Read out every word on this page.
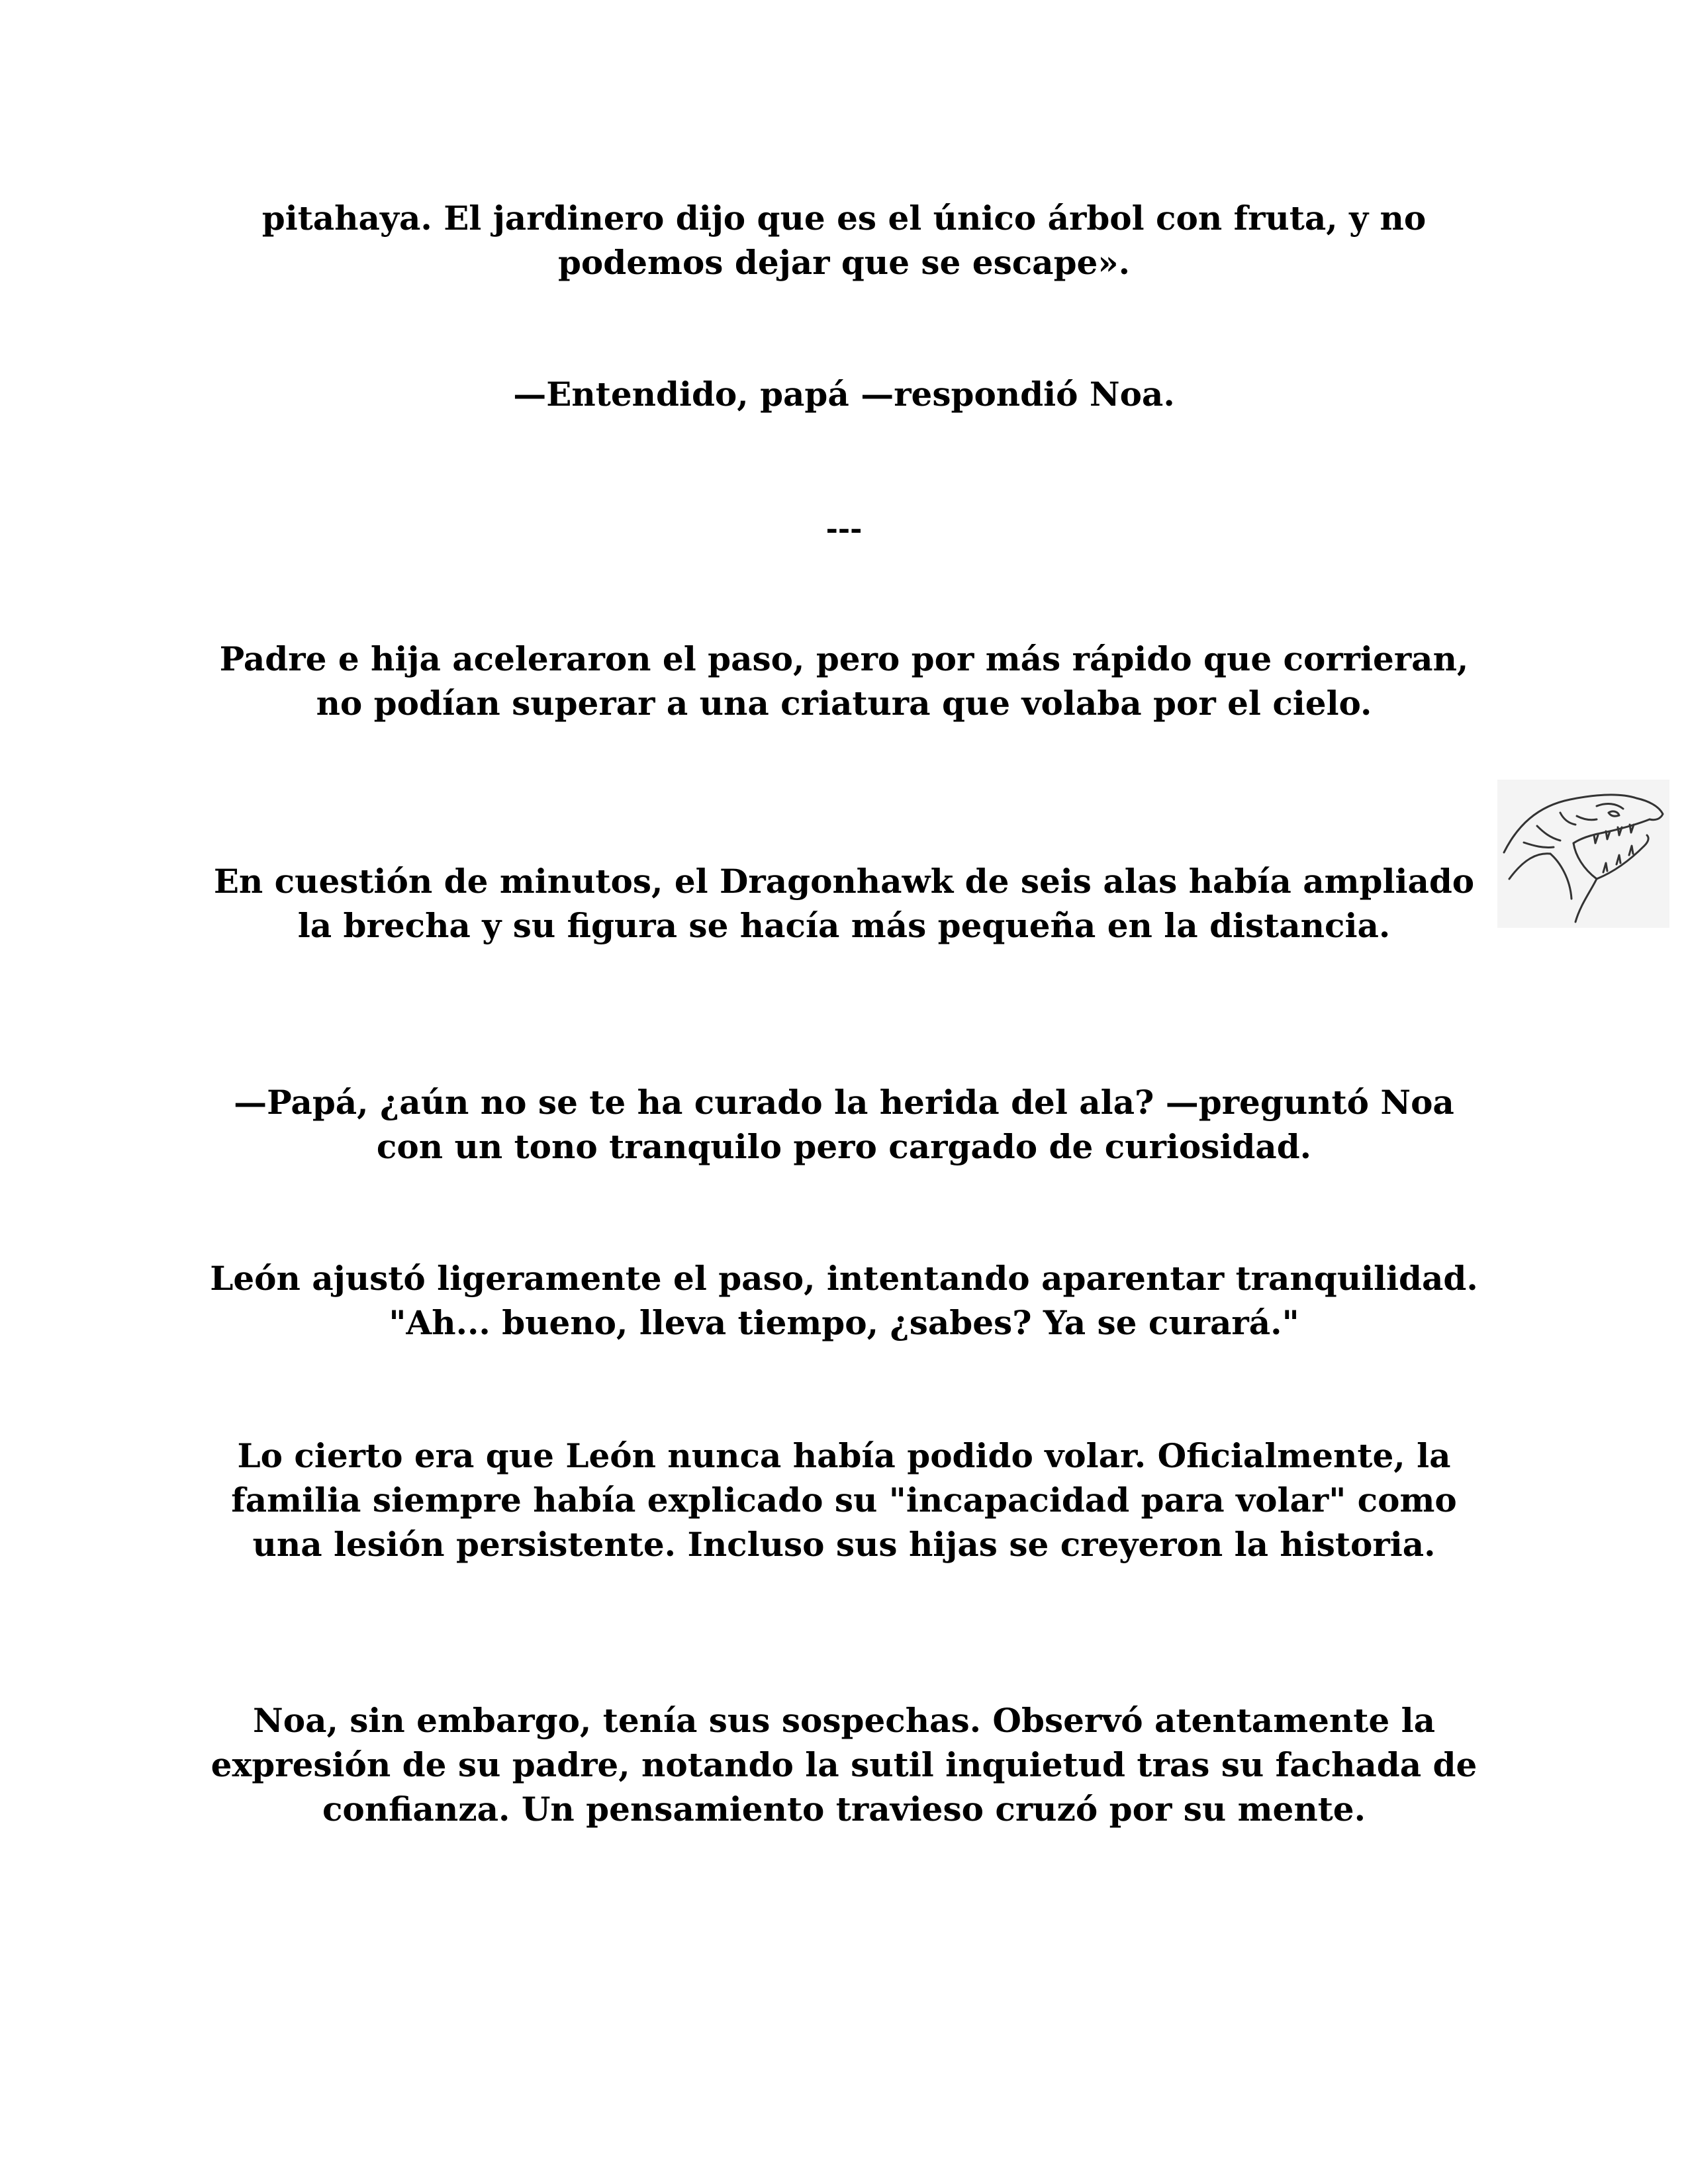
pitahaya. El jardinero dijo que es el único árbol con fruta, y no podemos dejar que se escape».

—Entendido, papá —respondió Noa.

---

Padre e hija aceleraron el paso, pero por más rápido que corrieran, no podían superar a una criatura que volaba por el cielo.

En cuestión de minutos, el Dragonhawk de seis alas había ampliado la brecha y su figura se hacía más pequeña en la distancia.

—Papá, ¿aún no se te ha curado la herida del ala? —preguntó Noa con un tono tranquilo pero cargado de curiosidad.

León ajustó ligeramente el paso, intentando aparentar tranquilidad. "Ah... bueno, lleva tiempo, ¿sabes? Ya se curará."

Lo cierto era que León nunca había podido volar. Oficialmente, la familia siempre había explicado su "incapacidad para volar" como una lesión persistente. Incluso sus hijas se creyeron la historia.

Noa, sin embargo, tenía sus sospechas. Observó atentamente la expresión de su padre, notando la sutil inquietud tras su fachada de confianza. Un pensamiento travieso cruzó por su mente.
